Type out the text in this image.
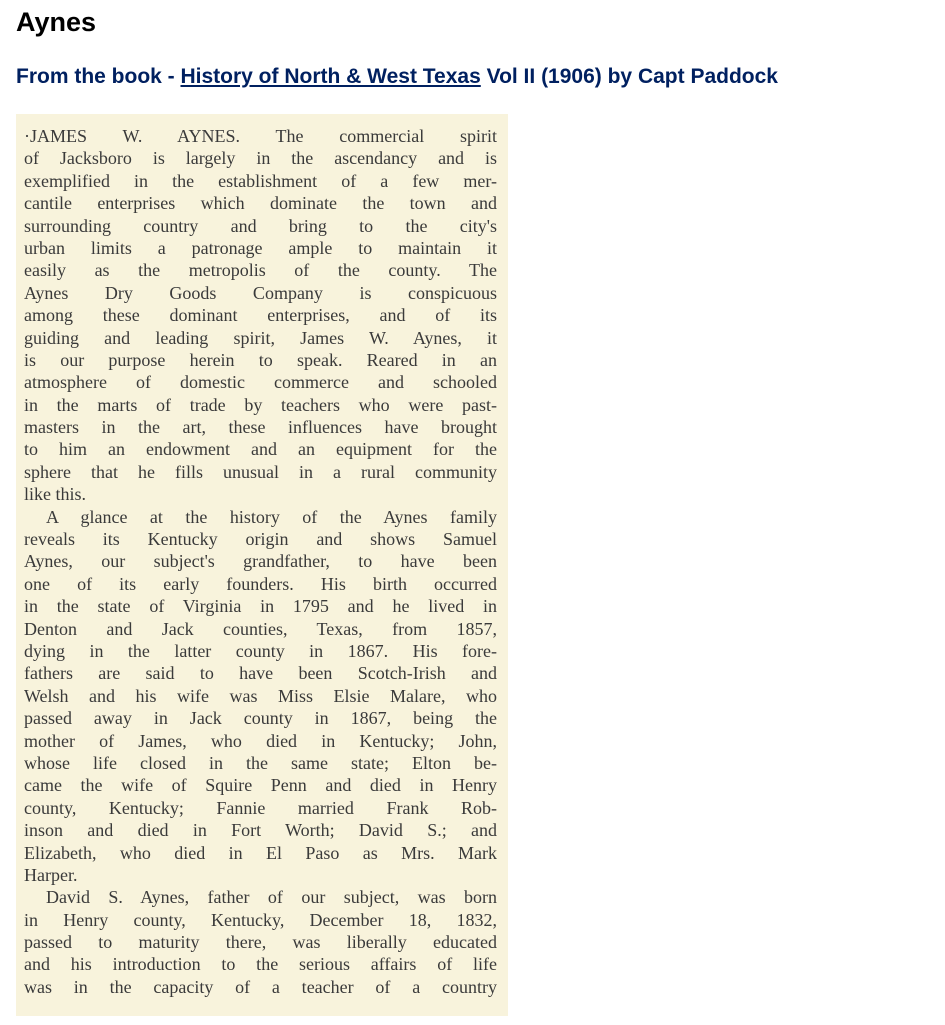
Aynes

From the book - History of North & West Texas Vol II (1906) by Capt Paddock

·JAMES W. AYNES. The commercial spirit
of Jacksboro is largely in the ascendancy and is
exemplified in the establishment of a few mer-
cantile enterprises which dominate the town and
surrounding country and bring to the city's
urban limits a patronage ample to maintain it
easily as the metropolis of the county. The
Aynes Dry Goods Company is conspicuous
among these dominant enterprises, and of its
guiding and leading spirit, James W. Aynes, it
is our purpose herein to speak. Reared in an
atmosphere of domestic commerce and schooled
in the marts of trade by teachers who were past-
masters in the art, these influences have brought
to him an endowment and an equipment for the
sphere that he fills unusual in a rural community
like this.
A glance at the history of the Aynes family
reveals its Kentucky origin and shows Samuel
Aynes, our subject's grandfather, to have been
one of its early founders. His birth occurred
in the state of Virginia in 1795 and he lived in
Denton and Jack counties, Texas, from 1857,
dying in the latter county in 1867. His fore-
fathers are said to have been Scotch-Irish and
Welsh and his wife was Miss Elsie Malare, who
passed away in Jack county in 1867, being the
mother of James, who died in Kentucky; John,
whose life closed in the same state; Elton be-
came the wife of Squire Penn and died in Henry
county, Kentucky; Fannie married Frank Rob-
inson and died in Fort Worth; David S.; and
Elizabeth, who died in El Paso as Mrs. Mark
Harper.
David S. Aynes, father of our subject, was born
in Henry county, Kentucky, December 18, 1832,
passed to maturity there, was liberally educated
and his introduction to the serious affairs of life
was in the capacity of a teacher of a country
